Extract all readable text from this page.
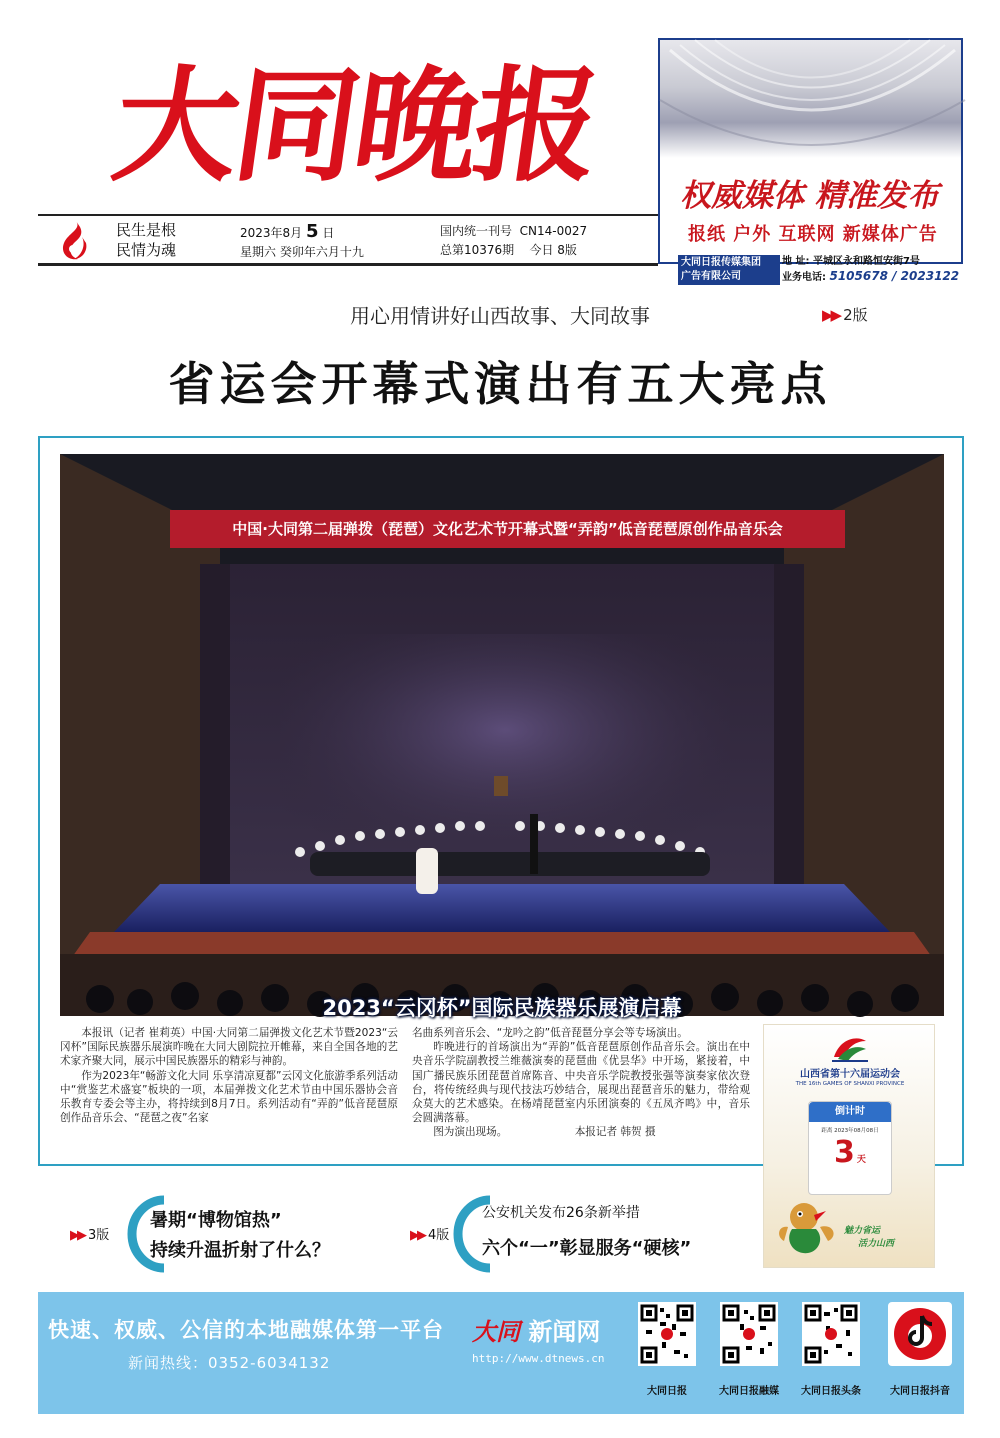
大同晚报	权威媒体 精准发布
报纸 户外 互联网 新媒体广告
大同日报传媒集团
广告有限公司
地 址: 平城区永和路恒安街7号
业务电话: 5105678 / 2023122
民生是根
民情为魂
2023年8月 5 日
星期六 癸卯年六月十九
国内统一刊号 CN14-0027
总第10376期 今日 8版
用心用情讲好山西故事、大同故事	▶▶ 2版
省运会开幕式演出有五大亮点
中国·大同第二届弹拨（琵琶）文化艺术节开幕式暨“弄韵”低音琵琶原创作品音乐会
2023“云冈杯”国际民族器乐展演启幕

本报讯（记者 崔莉英）中国·大同第二届弹拨文化艺术节暨2023“云冈杯”国际民族器乐展演昨晚在大同大剧院拉开帷幕，来自全国各地的艺术家齐聚大同，展示中国民族器乐的精彩与神韵。

作为2023年“畅游文化大同 乐享清凉夏都”云冈文化旅游季系列活动中“赏鉴艺术盛宴”板块的一项，本届弹拨文化艺术节由中国乐器协会音乐教育专委会等主办，将持续到8月7日。系列活动有“弄韵”低音琵琶原创作品音乐会、“琵琶之夜”名家

名曲系列音乐会、“龙吟之韵”低音琵琶分享会等专场演出。

昨晚进行的首场演出为“弄韵”低音琵琶原创作品音乐会。演出在中央音乐学院副教授兰维薇演奏的琵琶曲《优昙华》中开场，紧接着，中国广播民族乐团琵琶首席陈音、中央音乐学院教授张强等演奏家依次登台，将传统经典与现代技法巧妙结合，展现出琵琶音乐的魅力，带给观众莫大的艺术感染。在杨靖琵琶室内乐团演奏的《五凤齐鸣》中，音乐会圆满落幕。

图为演出现场。	本报记者 韩贺 摄

山西省第十六届运动会
THE 16th GAMES OF SHANXI PROVINCE
倒计时
距离 2023年08月08日
3 天
魅力省运
活力山西
▶▶ 3版
暑期“博物馆热”
持续升温折射了什么？
▶▶ 4版
公安机关发布26条新举措
六个“一”彰显服务“硬核”
快速、权威、公信的本地融媒体第一平台
新闻热线：0352-6034132
大同 新闻网
http://www.dtnews.cn
大同日报	大同日报融媒	大同日报头条	大同日报抖音
